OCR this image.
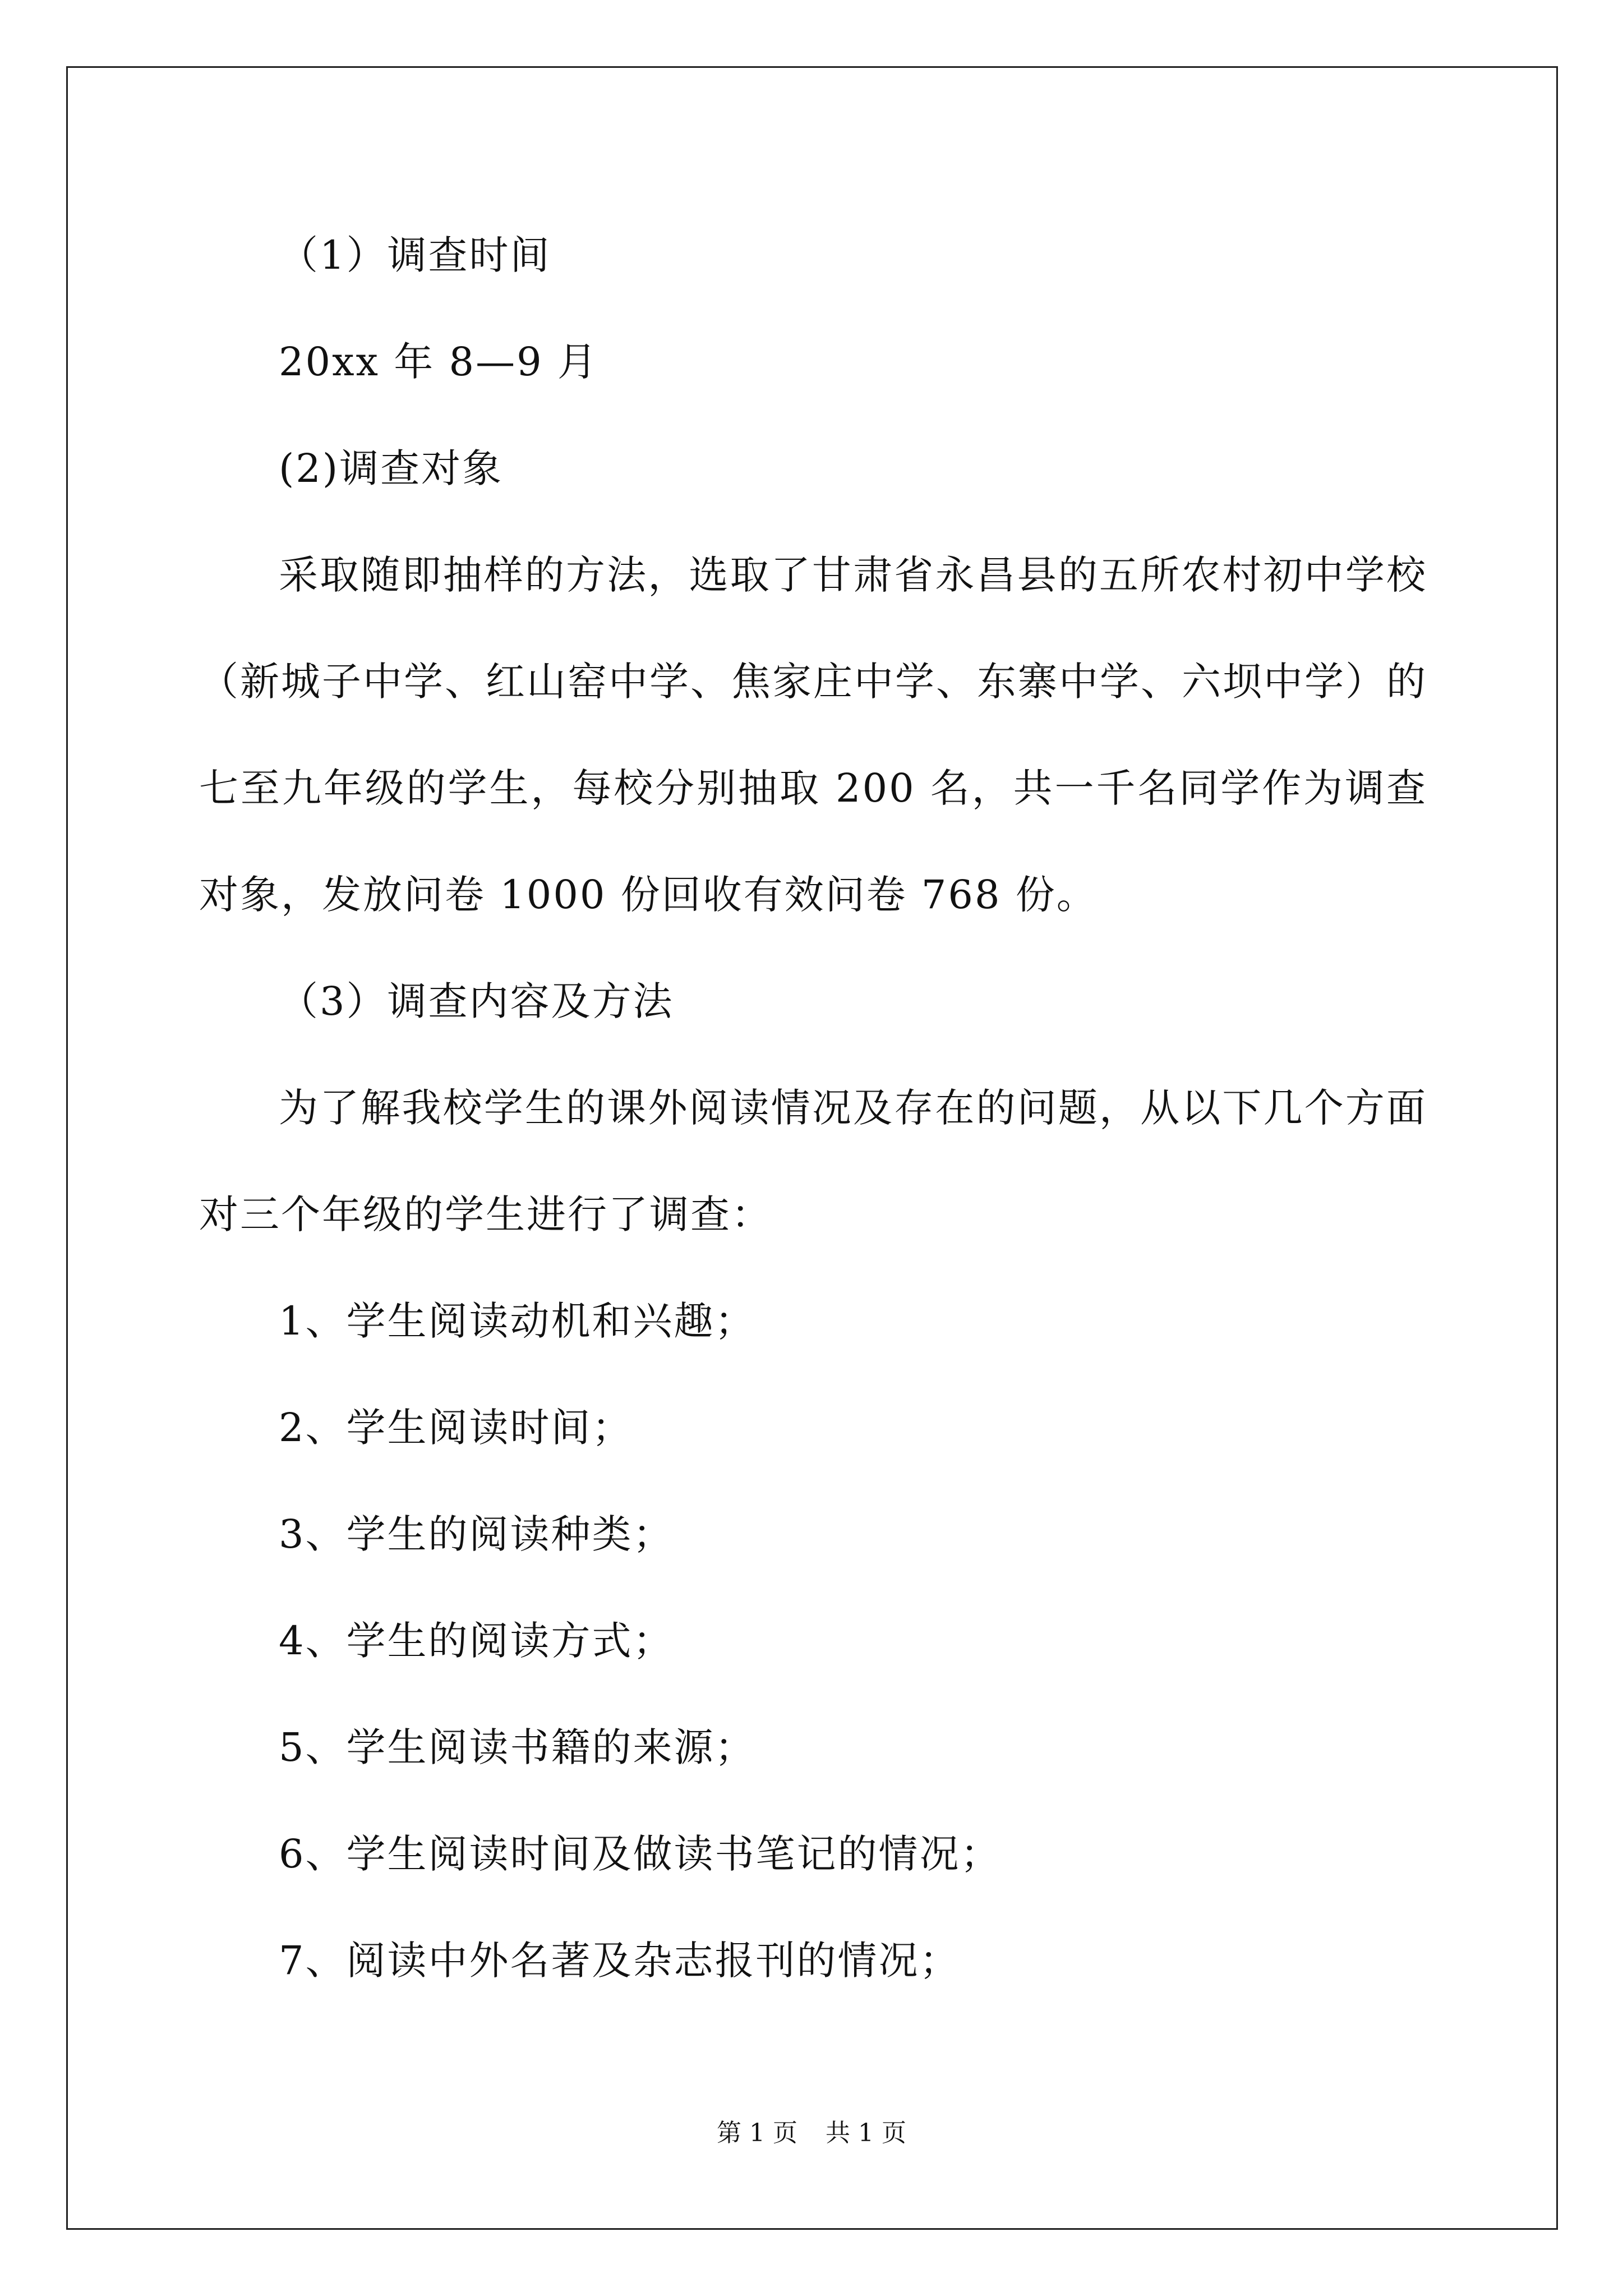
（1）调查时间

20xx 年 8—9 月

(2)调查对象

采取随即抽样的方法，选取了甘肃省永昌县的五所农村初中学校（新城子中学、红山窑中学、焦家庄中学、东寨中学、六坝中学）的七至九年级的学生，每校分别抽取 200 名，共一千名同学作为调查对象，发放问卷 1000 份回收有效问卷 768 份。

（3）调查内容及方法

为了解我校学生的课外阅读情况及存在的问题，从以下几个方面对三个年级的学生进行了调查：

1、学生阅读动机和兴趣；

2、学生阅读时间；

3、学生的阅读种类；

4、学生的阅读方式；

5、学生阅读书籍的来源；

6、学生阅读时间及做读书笔记的情况；

7、阅读中外名著及杂志报刊的情况；

第 1 页 共 1 页
